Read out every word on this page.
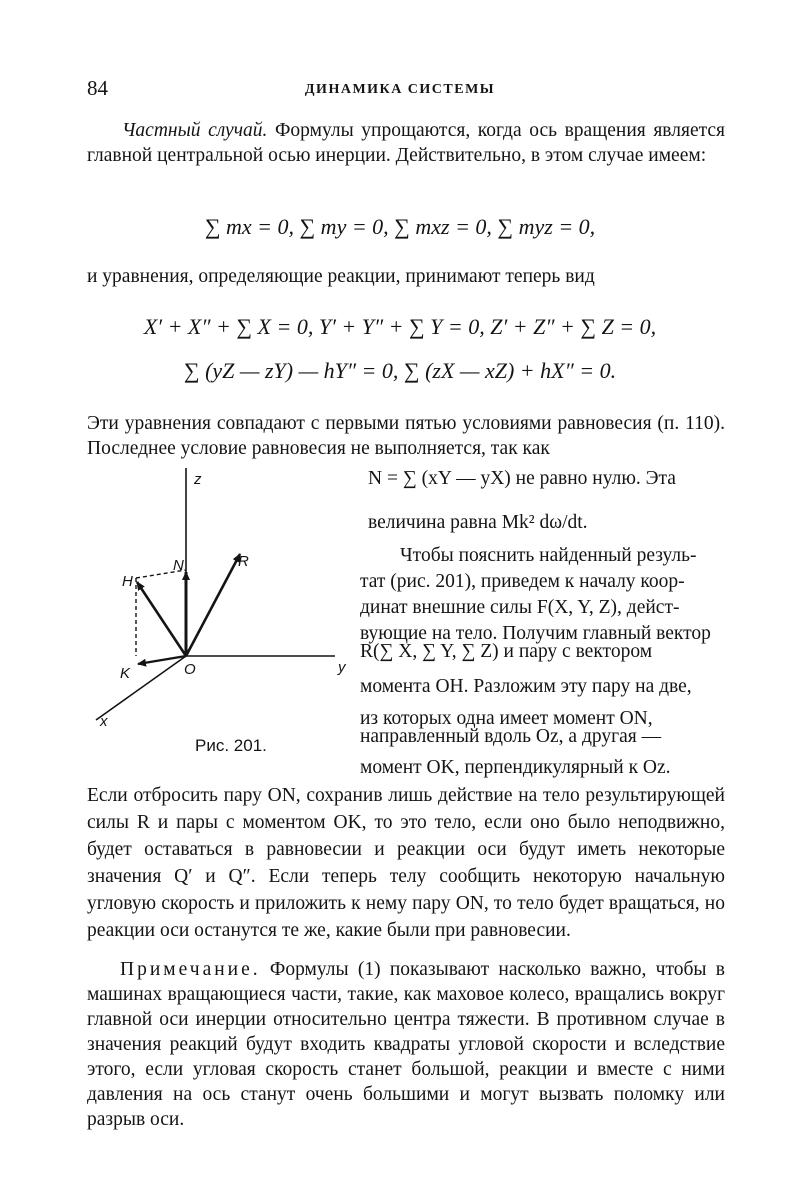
84	ДИНАМИКА СИСТЕМЫ
Частный случай. Формулы упрощаются, когда ось вращения является главной центральной осью инерции. Действительно, в этом случае имеем:
∑ mx = 0, ∑ my = 0, ∑ mxz = 0, ∑ myz = 0,
и уравнения, определяющие реакции, принимают теперь вид
X′ + X″ + ∑ X = 0, Y′ + Y″ + ∑ Y = 0, Z′ + Z″ + ∑ Z = 0,
∑ (yZ — zY) — hY″ = 0, ∑ (zX — xZ) + hX″ = 0.
Эти уравнения совпадают с первыми пятью условиями равновесия (п. 110). Последнее условие равновесия не выполняется, так как
z
y
x
O
N	R
H
K
Рис. 201.
N = ∑ (xY — yX) не равно нулю. Эта
величина равна Mk² dω/dt.
Чтобы пояснить найденный резуль-
тат (рис. 201), приведем к началу коор-
динат внешние силы F(X, Y, Z), дейст-
вующие на тело. Получим главный вектор
R(∑ X, ∑ Y, ∑ Z) и пару с вектором
момента OH. Разложим эту пару на две,
из которых одна имеет момент ON,
направленный вдоль Oz, а другая —
момент OK, перпендикулярный к Oz.
Если отбросить пару ON, сохранив лишь действие на тело результирующей силы R и пары с моментом OK, то это тело, если оно было неподвижно, будет оставаться в равновесии и реакции оси будут иметь некоторые значения Q′ и Q″. Если теперь телу сообщить некоторую начальную угловую скорость и приложить к нему пару ON, то тело будет вращаться, но реакции оси останутся те же, какие были при равновесии.
Примечание. Формулы (1) показывают насколько важно, чтобы в машинах вращающиеся части, такие, как маховое колесо, вращались вокруг главной оси инерции относительно центра тяжести. В противном случае в значения реакций будут входить квадраты угловой скорости и вследствие этого, если угловая скорость станет большой, реакции и вместе с ними давления на ось станут очень большими и могут вызвать поломку или разрыв оси.
